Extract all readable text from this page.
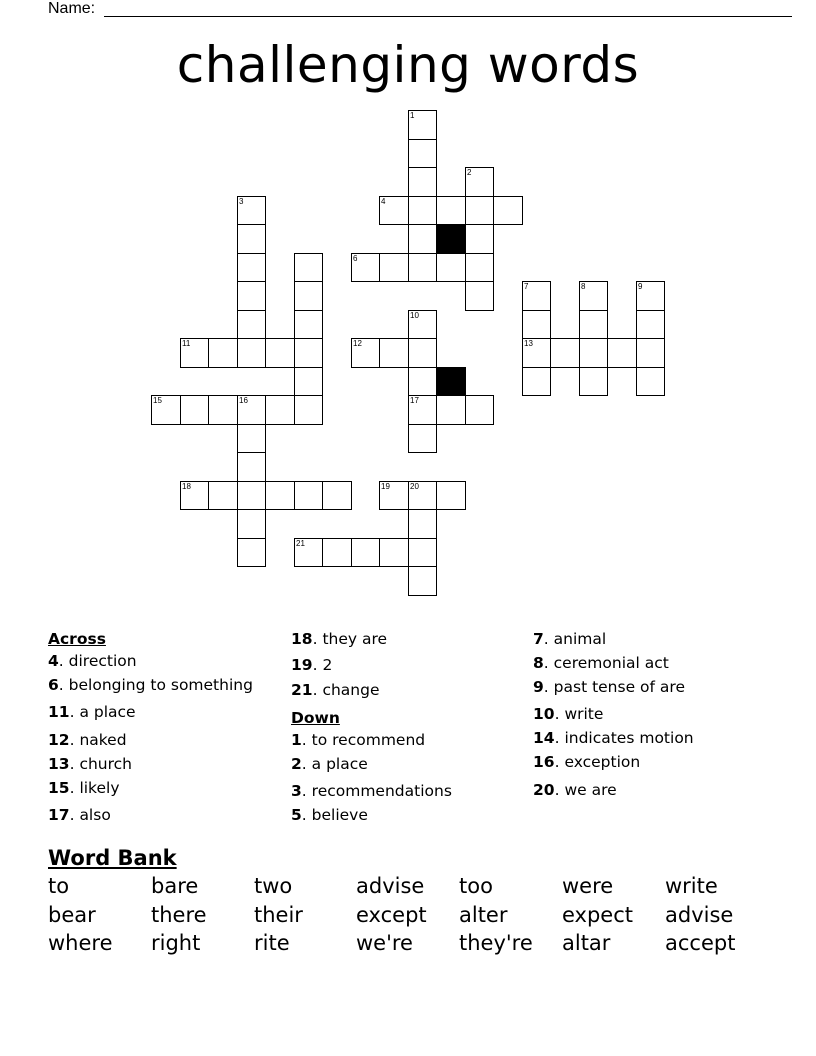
Name:
challenging words
1
2
3	4
6
7	8	9
10
11	12	13
14
15	16	17
18	19	20
21
Across
4. direction
6. belonging to something
11. a place
12. naked
13. church
15. likely
17. also
18. they are
19. 2
21. change
Down
1. to recommend
2. a place
3. recommendations
5. believe
7. animal
8. ceremonial act
9. past tense of are
10. write
14. indicates motion
16. exception
20. we are
Word Bank
to	bare	two	advise too	were write
bear	there their	except alter	expect advise
where right	rite	we're they're altar	accept
